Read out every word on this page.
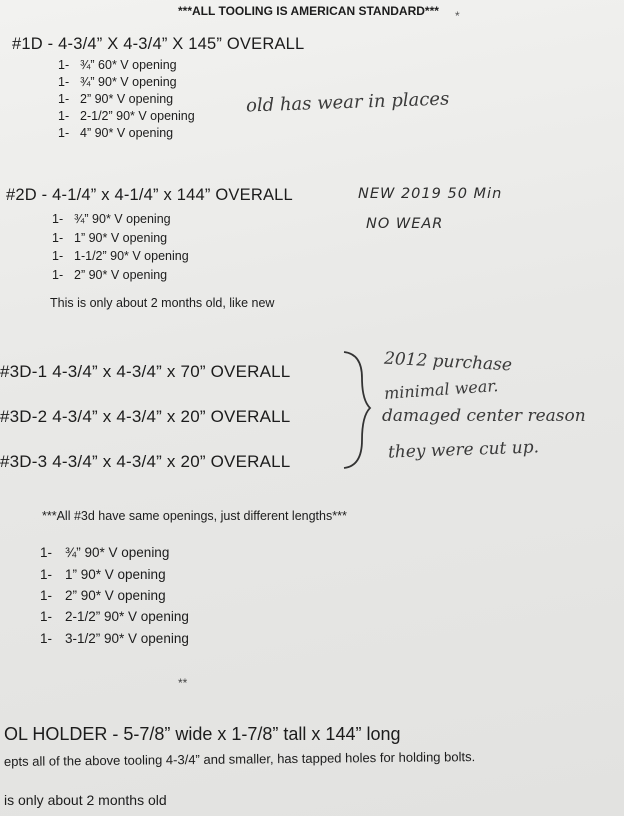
***ALL TOOLING IS AMERICAN STANDARD*** *
#1D - 4-3/4” X 4-3/4” X 145” OVERALL
1- ¾” 60* V opening
1- ¾” 90* V opening
1- 2” 90* V opening
1- 2-1/2” 90* V opening
1- 4” 90* V opening
old has wear in places
#2D - 4-1/4” x 4-1/4” x 144” OVERALL
1- ¾” 90* V opening
1- 1” 90* V opening
1- 1-1/2” 90* V opening
1- 2” 90* V opening
This is only about 2 months old, like new
NEW 2019 50 Min
NO WEAR
#3D-1 4-3/4” x 4-3/4” x 70” OVERALL
#3D-2 4-3/4” x 4-3/4” x 20” OVERALL
#3D-3 4-3/4” x 4-3/4” x 20” OVERALL
2012 purchase
minimal wear.
damaged center reason
they were cut up.
***All #3d have same openings, just different lengths***
1- ¾” 90* V opening
1- 1” 90* V opening
1- 2” 90* V opening
1- 2-1/2” 90* V opening
1- 3-1/2” 90* V opening
**
OL HOLDER - 5-7/8” wide x 1-7/8” tall x 144” long
epts all of the above tooling 4-3/4” and smaller, has tapped holes for holding bolts.
is only about 2 months old
